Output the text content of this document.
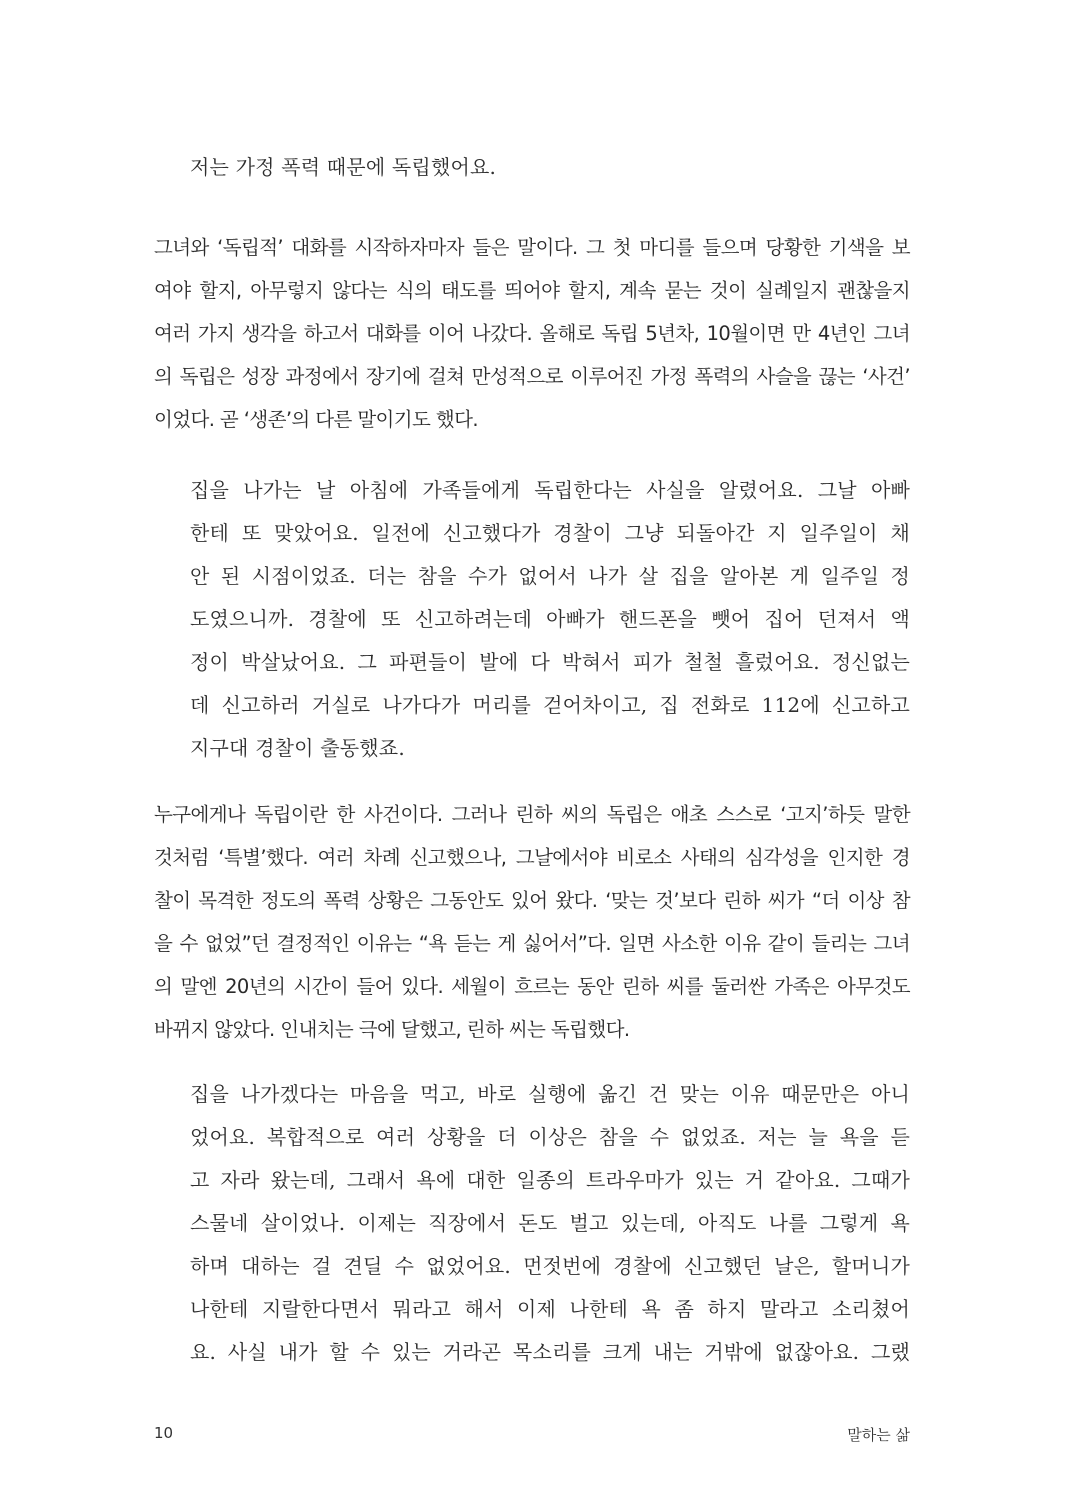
저는 가정 폭력 때문에 독립했어요.
그녀와 ‘독립적’ 대화를 시작하자마자 들은 말이다. 그 첫 마디를 들으며 당황한 기색을 보
여야 할지, 아무렇지 않다는 식의 태도를 띄어야 할지, 계속 묻는 것이 실례일지 괜찮을지
여러 가지 생각을 하고서 대화를 이어 나갔다. 올해로 독립 5년차, 10월이면 만 4년인 그녀
의 독립은 성장 과정에서 장기에 걸쳐 만성적으로 이루어진 가정 폭력의 사슬을 끊는 ‘사건’
이었다. 곧 ‘생존’의 다른 말이기도 했다.
집을 나가는 날 아침에 가족들에게 독립한다는 사실을 알렸어요. 그날 아빠
한테 또 맞았어요. 일전에 신고했다가 경찰이 그냥 되돌아간 지 일주일이 채
안 된 시점이었죠. 더는 참을 수가 없어서 나가 살 집을 알아본 게 일주일 정
도였으니까. 경찰에 또 신고하려는데 아빠가 핸드폰을 뺏어 집어 던져서 액
정이 박살났어요. 그 파편들이 발에 다 박혀서 피가 철철 흘렀어요. 정신없는
데 신고하러 거실로 나가다가 머리를 걷어차이고, 집 전화로 112에 신고하고
지구대 경찰이 출동했죠.
누구에게나 독립이란 한 사건이다. 그러나 린하 씨의 독립은 애초 스스로 ‘고지’하듯 말한
것처럼 ‘특별’했다. 여러 차례 신고했으나, 그날에서야 비로소 사태의 심각성을 인지한 경
찰이 목격한 정도의 폭력 상황은 그동안도 있어 왔다. ‘맞는 것’보다 린하 씨가 “더 이상 참
을 수 없었”던 결정적인 이유는 “욕 듣는 게 싫어서”다. 일면 사소한 이유 같이 들리는 그녀
의 말엔 20년의 시간이 들어 있다. 세월이 흐르는 동안 린하 씨를 둘러싼 가족은 아무것도
바뀌지 않았다. 인내치는 극에 달했고, 린하 씨는 독립했다.
집을 나가겠다는 마음을 먹고, 바로 실행에 옮긴 건 맞는 이유 때문만은 아니
었어요. 복합적으로 여러 상황을 더 이상은 참을 수 없었죠. 저는 늘 욕을 듣
고 자라 왔는데, 그래서 욕에 대한 일종의 트라우마가 있는 거 같아요. 그때가
스물네 살이었나. 이제는 직장에서 돈도 벌고 있는데, 아직도 나를 그렇게 욕
하며 대하는 걸 견딜 수 없었어요. 먼젓번에 경찰에 신고했던 날은, 할머니가
나한테 지랄한다면서 뭐라고 해서 이제 나한테 욕 좀 하지 말라고 소리쳤어
요. 사실 내가 할 수 있는 거라곤 목소리를 크게 내는 거밖에 없잖아요. 그랬
10	말하는 삶
